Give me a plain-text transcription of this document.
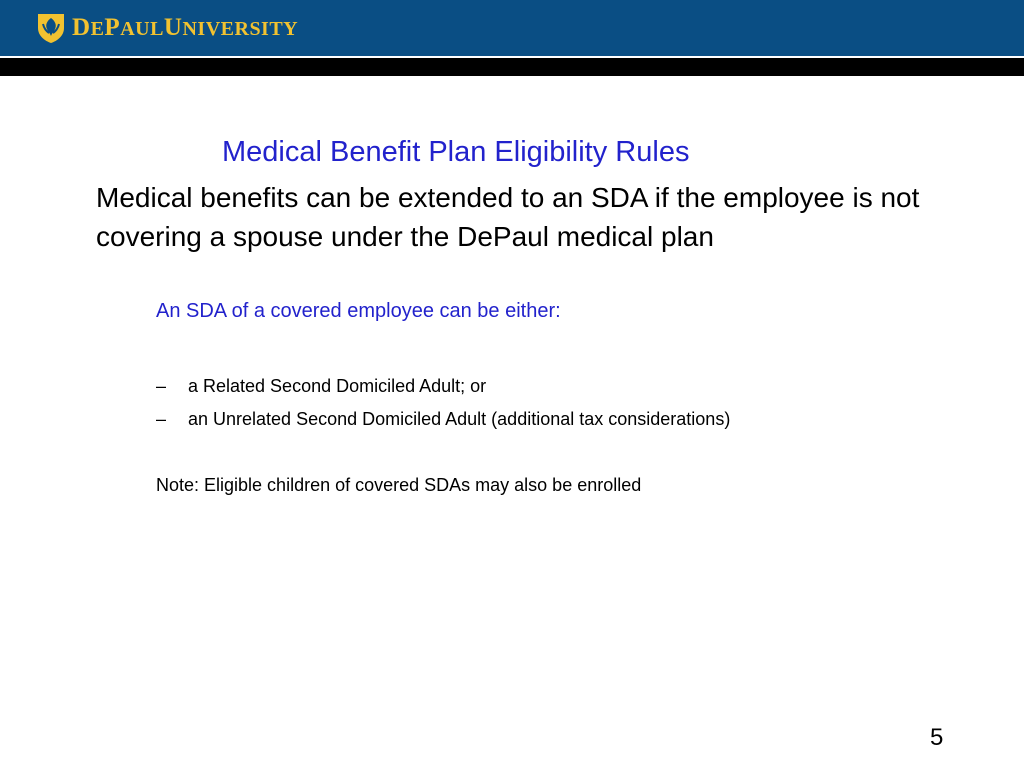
DEPAULUNIVERSITY
Medical Benefit Plan Eligibility Rules
Medical benefits can be extended to an SDA if the employee is not covering a spouse under the DePaul medical plan
An SDA of a covered employee can be either:
–	a Related Second Domiciled Adult; or
–	an Unrelated Second Domiciled Adult (additional tax considerations)
Note: Eligible children of covered SDAs may also be enrolled
5
